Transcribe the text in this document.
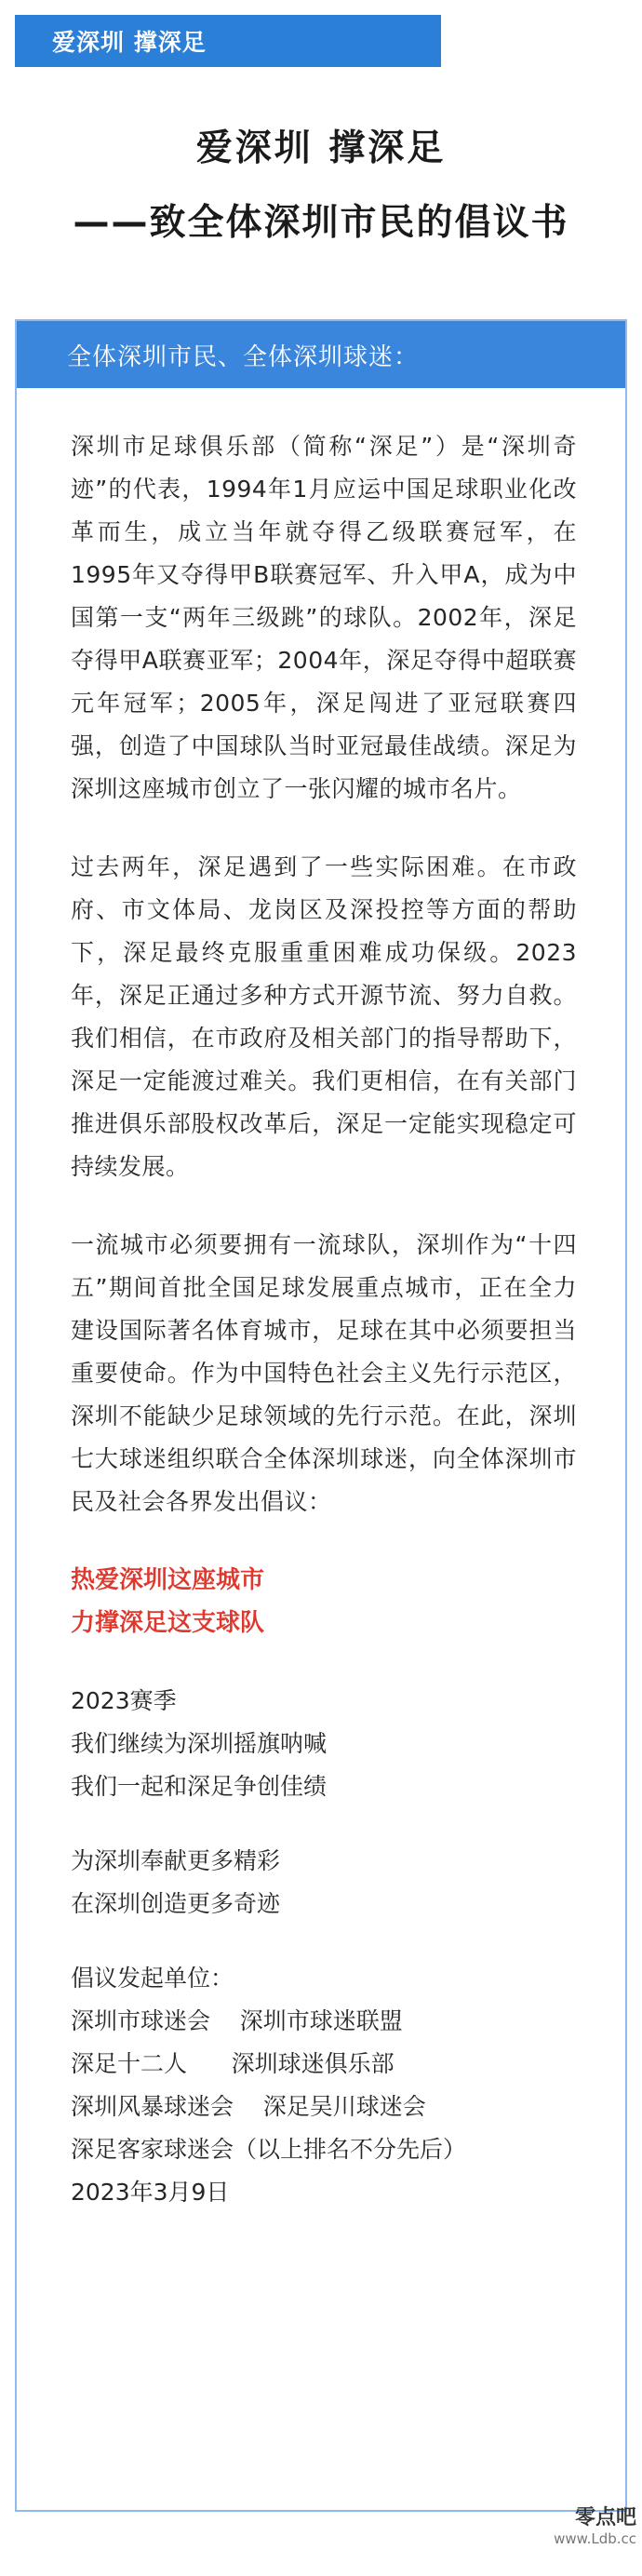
爱深圳 撑深足
爱深圳 撑深足
——致全体深圳市民的倡议书
全体深圳市民、全体深圳球迷：

深圳市足球俱乐部（简称“深足”）是“深圳奇迹”的代表，1994年1月应运中国足球职业化改革而生，成立当年就夺得乙级联赛冠军，在1995年又夺得甲B联赛冠军、升入甲A，成为中国第一支“两年三级跳”的球队。2002年，深足夺得甲A联赛亚军；2004年，深足夺得中超联赛元年冠军；2005年，深足闯进了亚冠联赛四强，创造了中国球队当时亚冠最佳战绩。深足为深圳这座城市创立了一张闪耀的城市名片。

过去两年，深足遇到了一些实际困难。在市政府、市文体局、龙岗区及深投控等方面的帮助下，深足最终克服重重困难成功保级。2023年，深足正通过多种方式开源节流、努力自救。我们相信，在市政府及相关部门的指导帮助下，深足一定能渡过难关。我们更相信，在有关部门推进俱乐部股权改革后，深足一定能实现稳定可持续发展。

一流城市必须要拥有一流球队，深圳作为“十四五”期间首批全国足球发展重点城市，正在全力建设国际著名体育城市，足球在其中必须要担当重要使命。作为中国特色社会主义先行示范区，深圳不能缺少足球领域的先行示范。在此，深圳七大球迷组织联合全体深圳球迷，向全体深圳市民及社会各界发出倡议：

热爱深圳这座城市
力撑深足这支球队
2023赛季
我们继续为深圳摇旗呐喊
我们一起和深足争创佳绩
为深圳奉献更多精彩
在深圳创造更多奇迹
倡议发起单位：
深圳市球迷会    深圳市球迷联盟
深足十二人      深圳球迷俱乐部
深圳风暴球迷会    深足吴川球迷会
深足客家球迷会（以上排名不分先后）
2023年3月9日
零点吧
www.Ldb.cc
